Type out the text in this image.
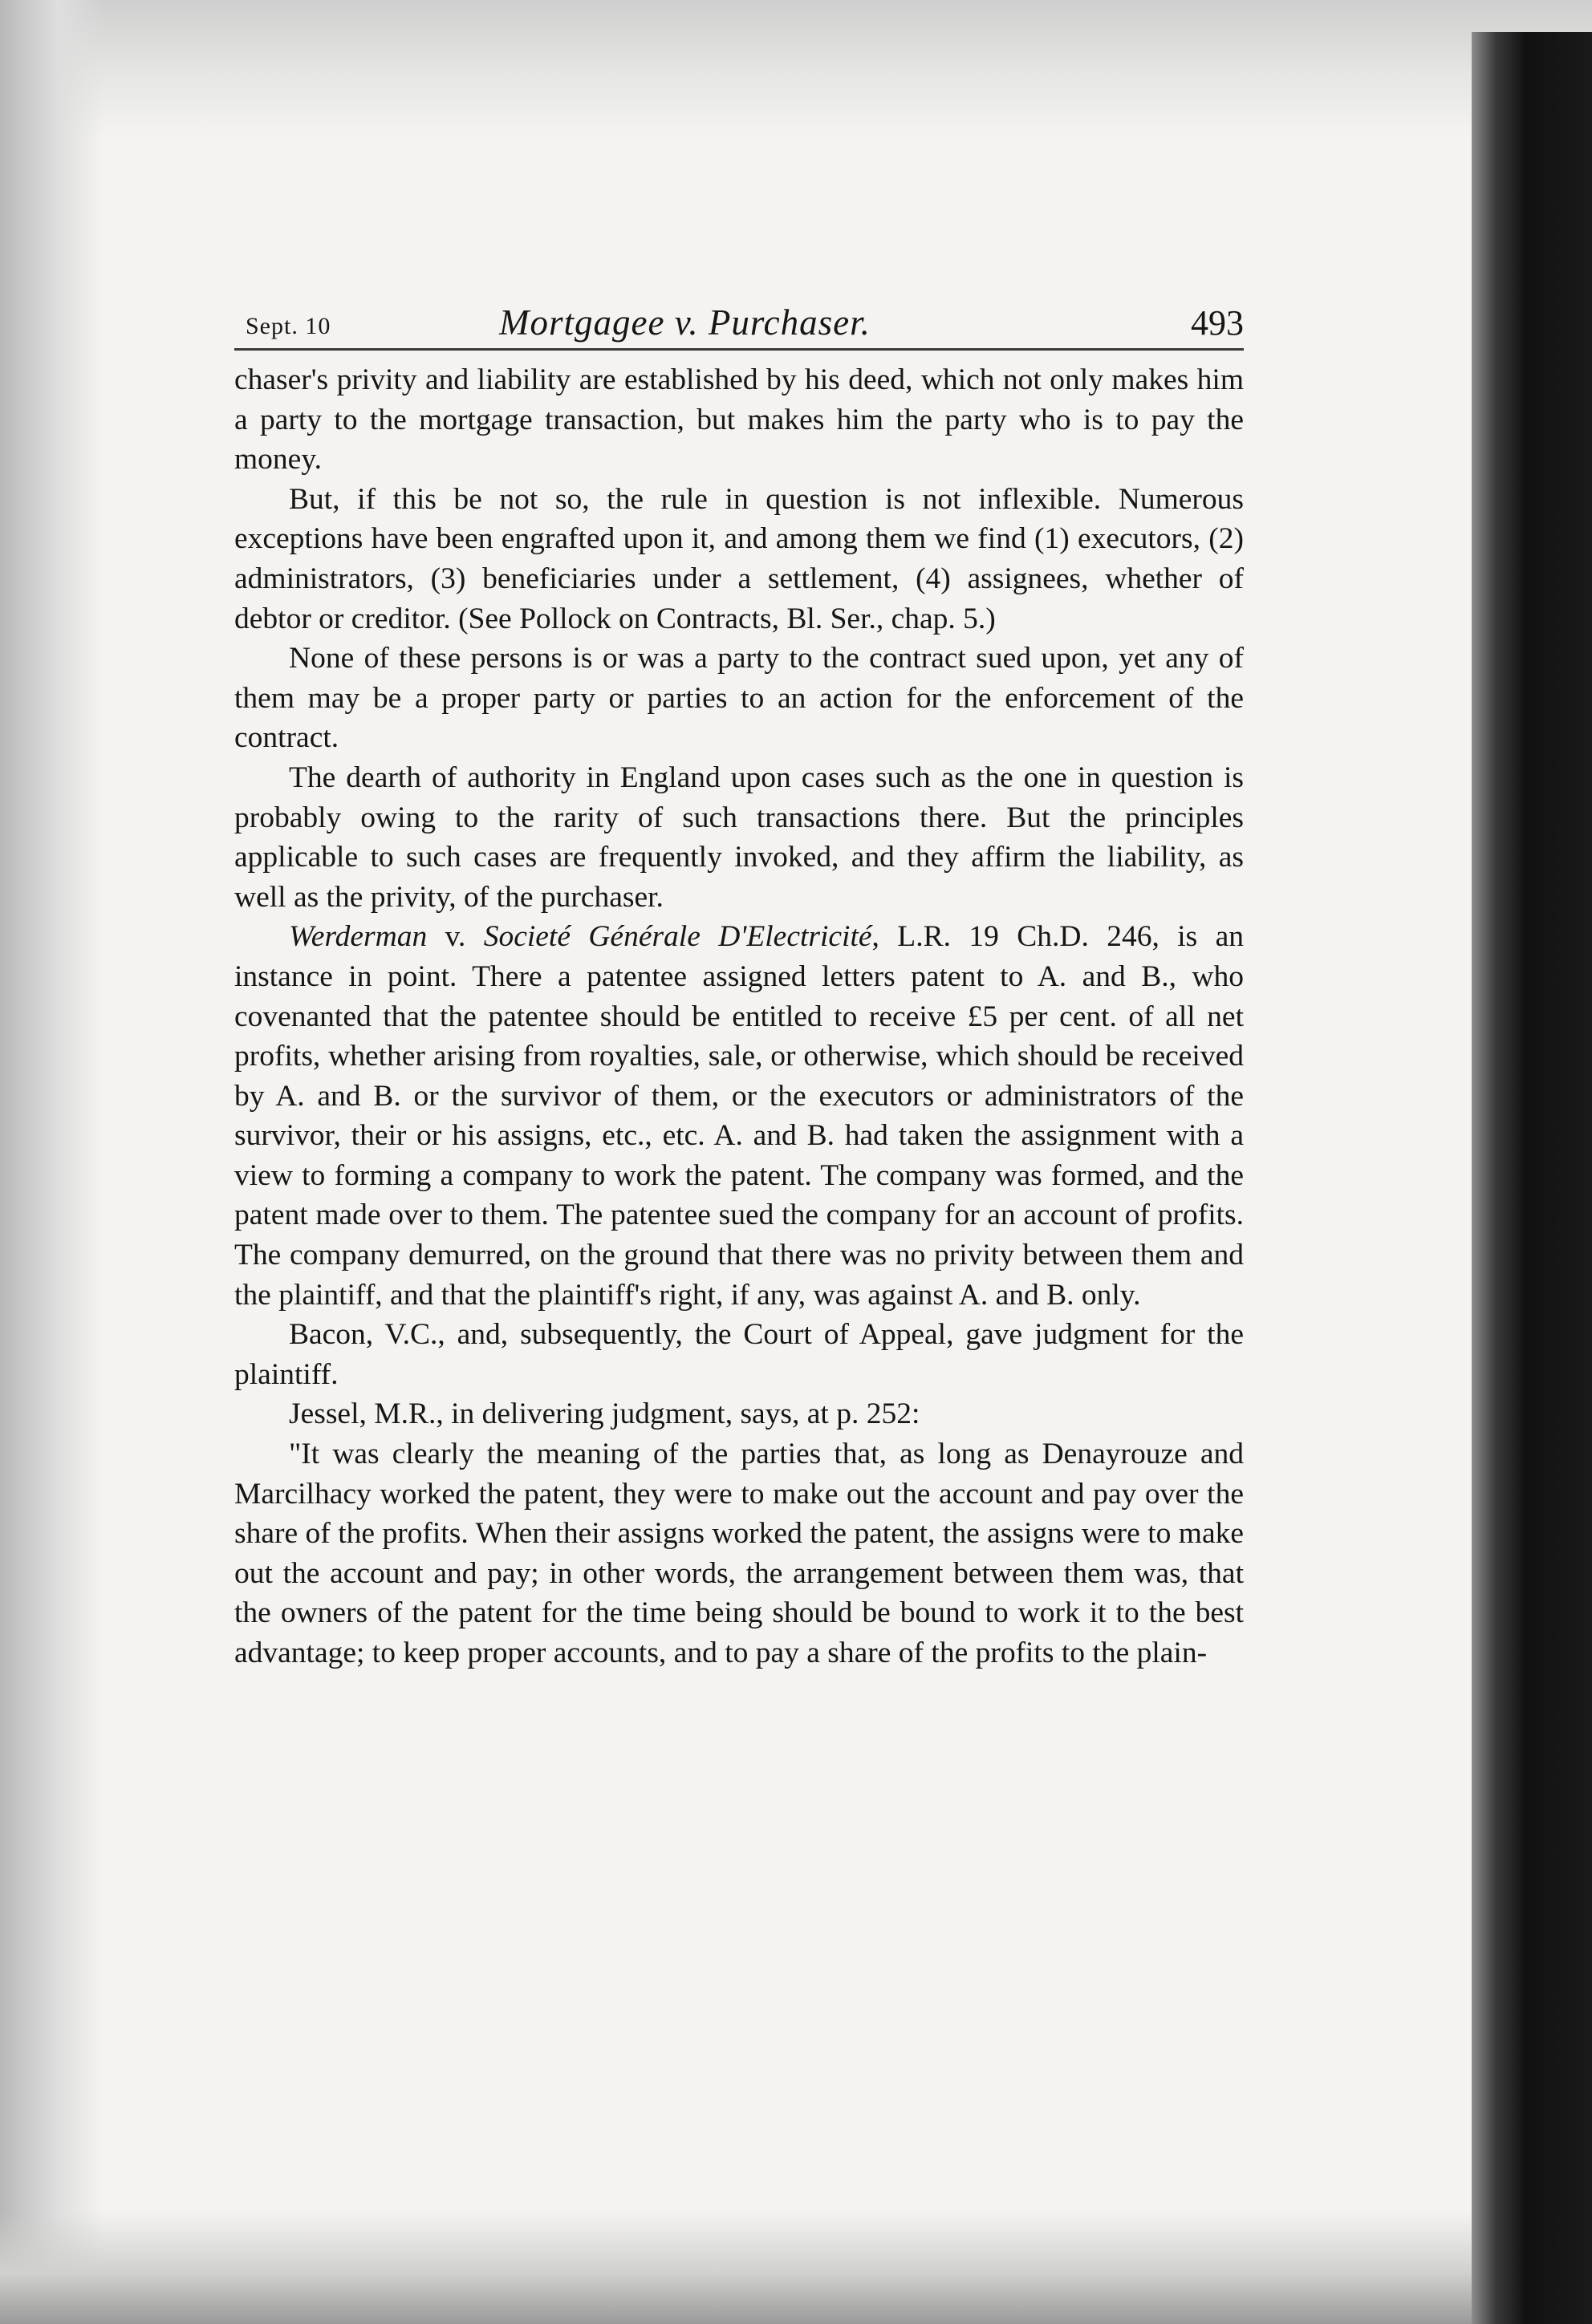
Sept. 10	Mortgagee v. Purchaser.	493

chaser's privity and liability are established by his deed, which not only makes him a party to the mortgage transaction, but makes him the party who is to pay the money.

But, if this be not so, the rule in question is not inflexible. Numerous exceptions have been engrafted upon it, and among them we find (1) executors, (2) administrators, (3) beneficiaries under a settlement, (4) assignees, whether of debtor or creditor. (See Pollock on Contracts, Bl. Ser., chap. 5.)

None of these persons is or was a party to the contract sued upon, yet any of them may be a proper party or parties to an action for the enforcement of the contract.

The dearth of authority in England upon cases such as the one in question is probably owing to the rarity of such transactions there. But the principles applicable to such cases are frequently invoked, and they affirm the liability, as well as the privity, of the purchaser.

Werderman v. Societé Générale D'Electricité, L.R. 19 Ch.D. 246, is an instance in point. There a patentee assigned letters patent to A. and B., who covenanted that the patentee should be entitled to receive £5 per cent. of all net profits, whether arising from royalties, sale, or otherwise, which should be received by A. and B. or the survivor of them, or the executors or administrators of the survivor, their or his assigns, etc., etc. A. and B. had taken the assignment with a view to forming a company to work the patent. The company was formed, and the patent made over to them. The patentee sued the company for an account of profits. The company demurred, on the ground that there was no privity between them and the plaintiff, and that the plaintiff's right, if any, was against A. and B. only.

Bacon, V.C., and, subsequently, the Court of Appeal, gave judgment for the plaintiff.

Jessel, M.R., in delivering judgment, says, at p. 252:

"It was clearly the meaning of the parties that, as long as Denayrouze and Marcilhacy worked the patent, they were to make out the account and pay over the share of the profits. When their assigns worked the patent, the assigns were to make out the account and pay; in other words, the arrangement between them was, that the owners of the patent for the time being should be bound to work it to the best advantage; to keep proper accounts, and to pay a share of the profits to the plain-
